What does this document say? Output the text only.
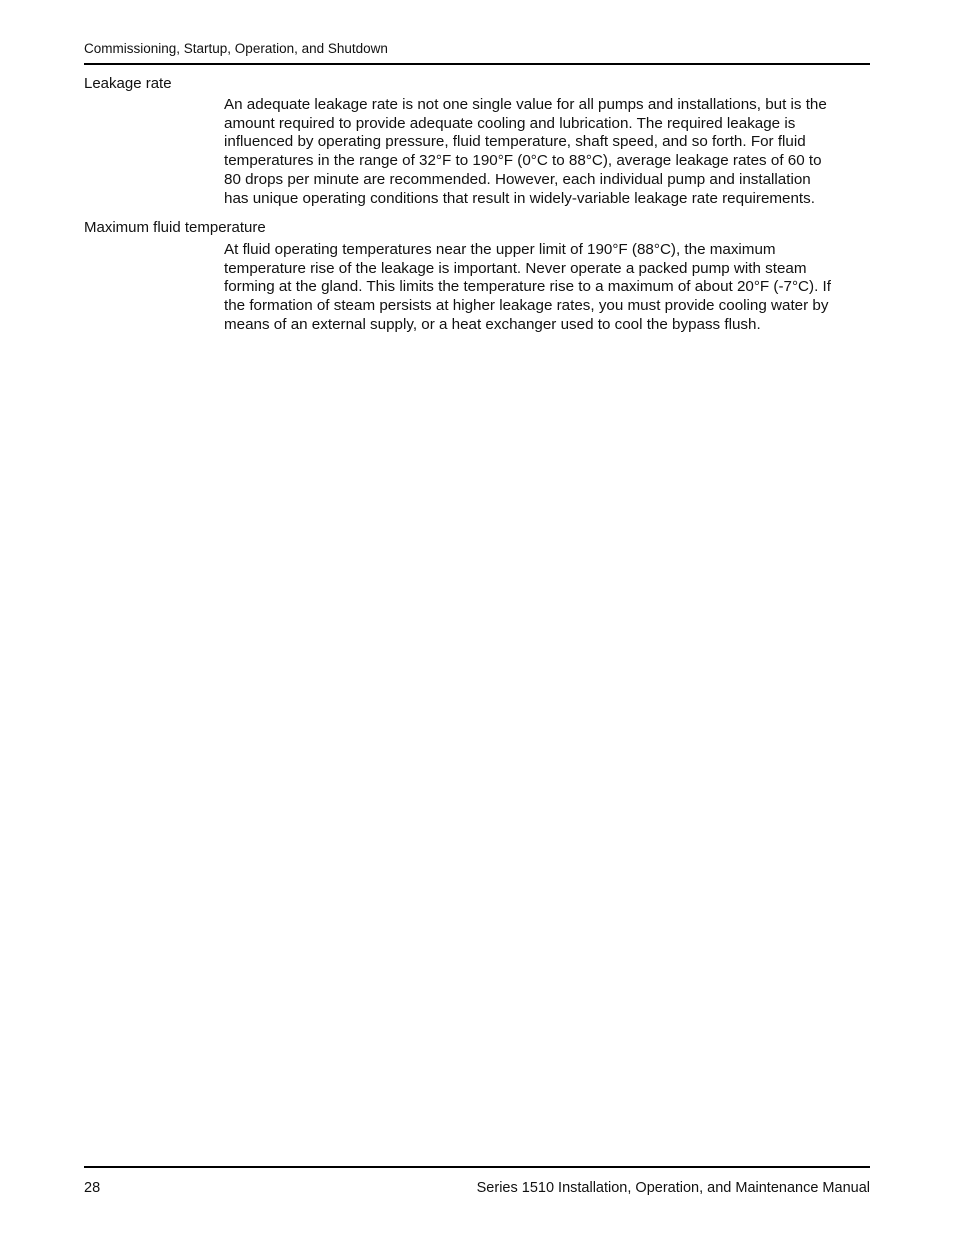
Commissioning, Startup, Operation, and Shutdown
Leakage rate

An adequate leakage rate is not one single value for all pumps and installations, but is the
amount required to provide adequate cooling and lubrication. The required leakage is
influenced by operating pressure, fluid temperature, shaft speed, and so forth. For fluid
temperatures in the range of 32°F to 190°F (0°C to 88°C), average leakage rates of 60 to
80 drops per minute are recommended. However, each individual pump and installation
has unique operating conditions that result in widely-variable leakage rate requirements.

Maximum fluid temperature

At fluid operating temperatures near the upper limit of 190°F (88°C), the maximum
temperature rise of the leakage is important. Never operate a packed pump with steam
forming at the gland. This limits the temperature rise to a maximum of about 20°F (-7°C). If
the formation of steam persists at higher leakage rates, you must provide cooling water by
means of an external supply, or a heat exchanger used to cool the bypass flush.

28	Series 1510 Installation, Operation, and Maintenance Manual
